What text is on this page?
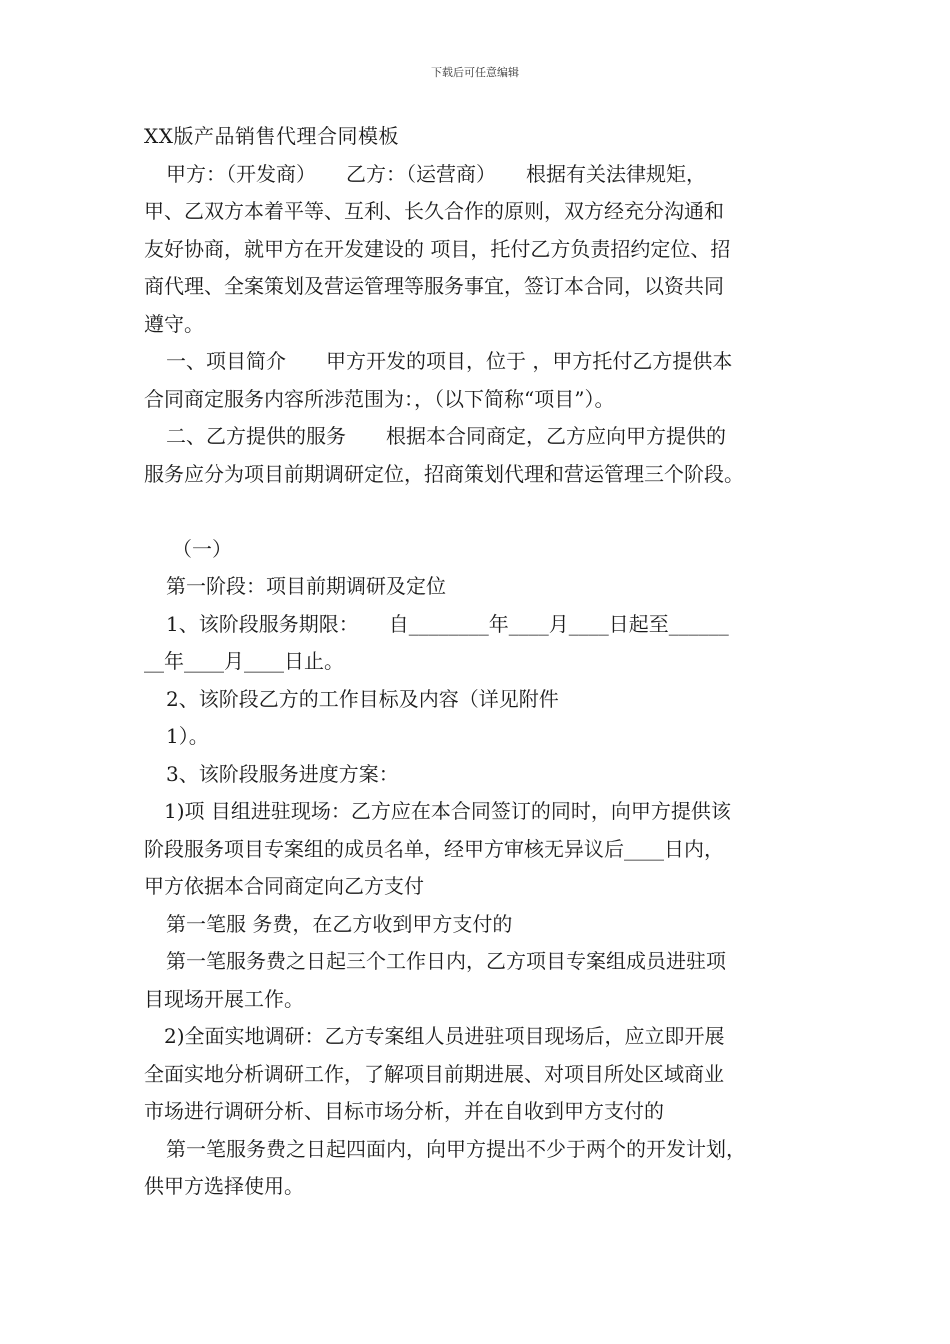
下载后可任意编辑

XX版产品销售代理合同模板

甲方：（开发商）　　乙方：（运营商）　　根据有关法律规矩，

甲、乙双方本着平等、互利、长久合作的原则，双方经充分沟通和

友好协商，就甲方在开发建设的 项目，托付乙方负责招约定位、招

商代理、全案策划及营运管理等服务事宜，签订本合同，以资共同

遵守。

一、项目简介　　甲方开发的项目，位于 ，甲方托付乙方提供本

合同商定服务内容所涉范围为：，（以下简称“项目”）。

二、乙方提供的服务　　根据本合同商定，乙方应向甲方提供的

服务应分为项目前期调研定位，招商策划代理和营运管理三个阶段。

（一）

第一阶段：项目前期调研及定位

1、该阶段服务期限：　　自________年____月____日起至______

__年____月____日止。

2、该阶段乙方的工作目标及内容（详见附件

1）。

3、该阶段服务进度方案：

1)项 目组进驻现场：乙方应在本合同签订的同时，向甲方提供该

阶段服务项目专案组的成员名单，经甲方审核无异议后____日内，

甲方依据本合同商定向乙方支付

第一笔服 务费，在乙方收到甲方支付的

第一笔服务费之日起三个工作日内，乙方项目专案组成员进驻项

目现场开展工作。

2)全面实地调研：乙方专案组人员进驻项目现场后，应立即开展

全面实地分析调研工作，了解项目前期进展、对项目所处区域商业

市场进行调研分析、目标市场分析，并在自收到甲方支付的

第一笔服务费之日起四面内，向甲方提出不少于两个的开发计划，

供甲方选择使用。
